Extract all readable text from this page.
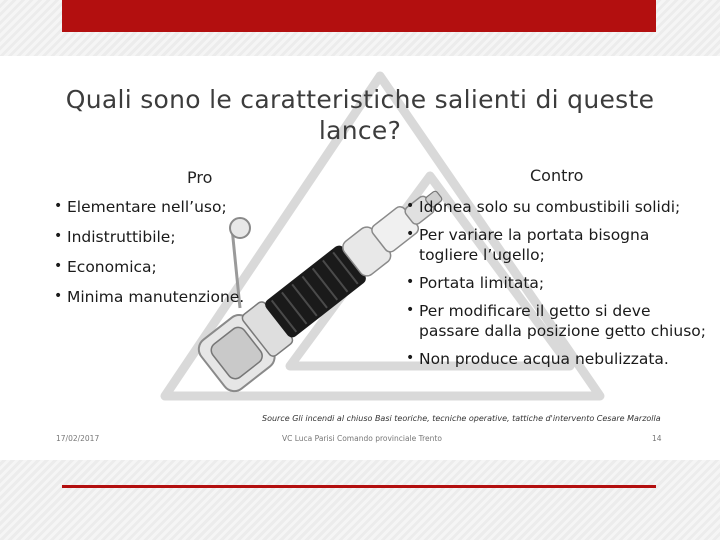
Quali sono le caratteristiche salienti di queste lance?
Pro	Contro
• Elementare nell’uso;
• Indistruttibile;
• Economica;
• Minima manutenzione.
• Idonea solo su combustibili solidi;
• Per variare la portata bisogna togliere l’ugello;
• Portata limitata;
• Per modificare il getto si deve passare dalla posizione getto chiuso;
• Non produce acqua nebulizzata.
Source Gli incendi al chiuso Basi teoriche, tecniche operative, tattiche d'intervento Cesare Marzolla
17/02/2017	VC Luca Parisi Comando provinciale Trento	14
